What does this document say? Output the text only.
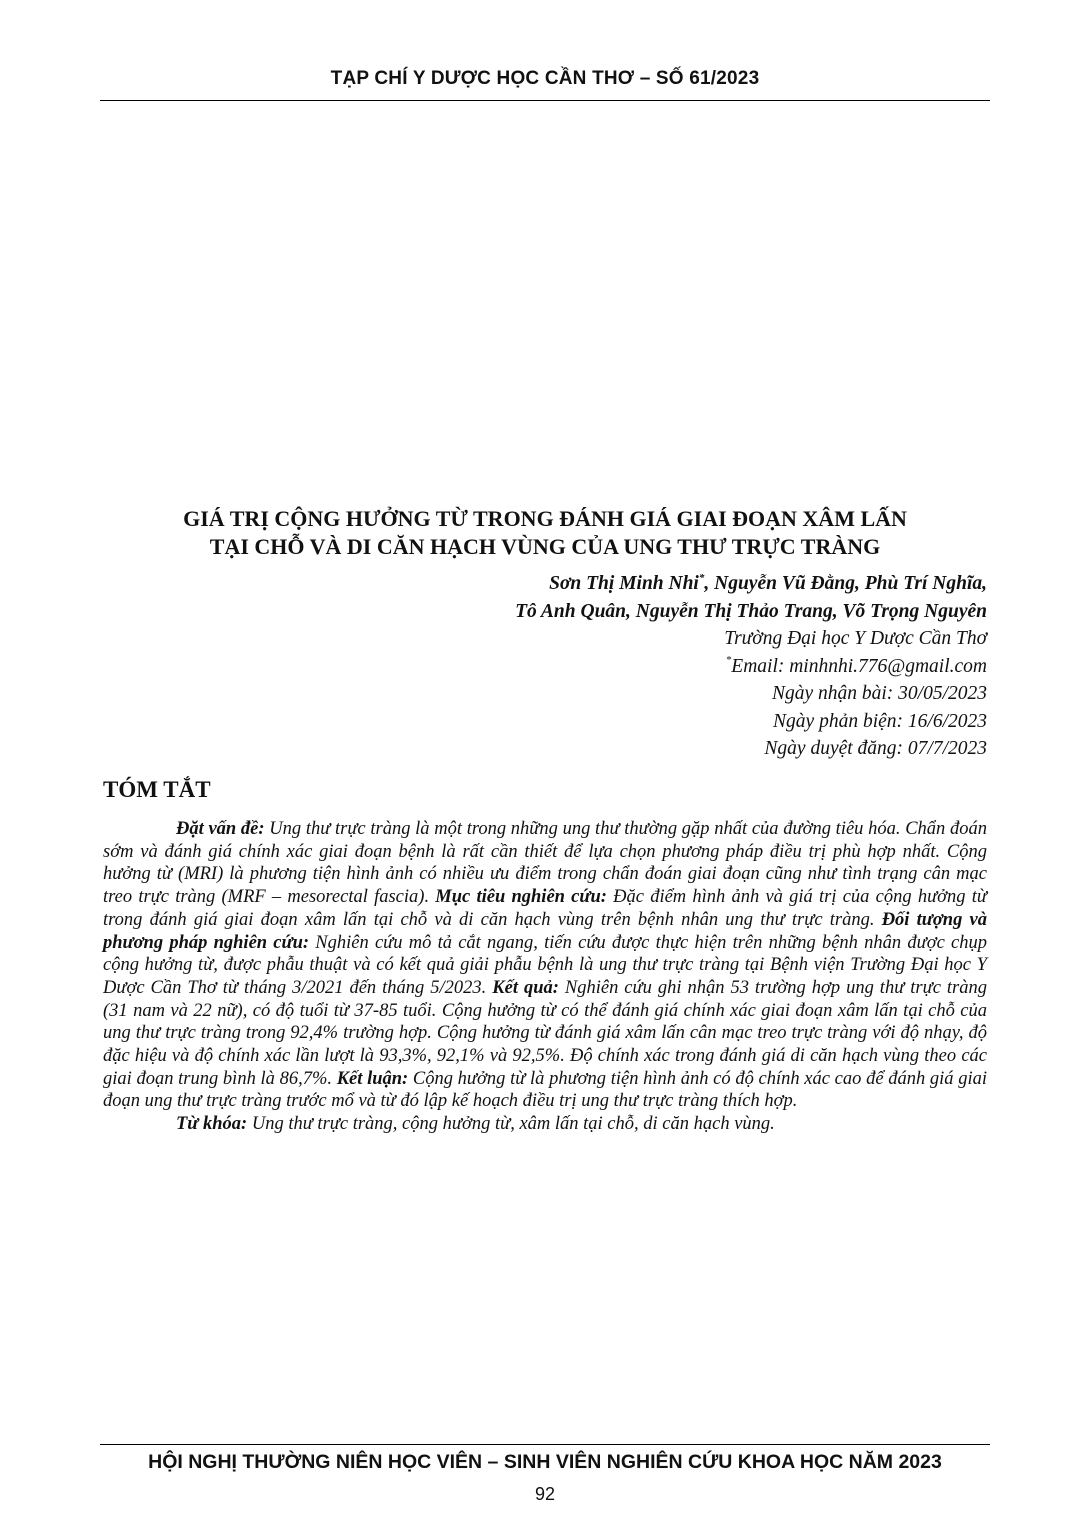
TẠP CHÍ Y DƯỢC HỌC CẦN THƠ – SỐ 61/2023
GIÁ TRỊ CỘNG HƯỞNG TỪ TRONG ĐÁNH GIÁ GIAI ĐOẠN XÂM LẤN
TẠI CHỖ VÀ DI CĂN HẠCH VÙNG CỦA UNG THƯ TRỰC TRÀNG
Sơn Thị Minh Nhi*, Nguyễn Vũ Đằng, Phù Trí Nghĩa,
Tô Anh Quân, Nguyễn Thị Thảo Trang, Võ Trọng Nguyên
Trường Đại học Y Dược Cần Thơ
*Email: minhnhi.776@gmail.com
Ngày nhận bài: 30/05/2023
Ngày phản biện: 16/6/2023
Ngày duyệt đăng: 07/7/2023
TÓM TẮT

Đặt vấn đề: Ung thư trực tràng là một trong những ung thư thường gặp nhất của đường tiêu hóa. Chẩn đoán sớm và đánh giá chính xác giai đoạn bệnh là rất cần thiết để lựa chọn phương pháp điều trị phù hợp nhất. Cộng hưởng từ (MRI) là phương tiện hình ảnh có nhiều ưu điểm trong chẩn đoán giai đoạn cũng như tình trạng cân mạc treo trực tràng (MRF – mesorectal fascia). Mục tiêu nghiên cứu: Đặc điểm hình ảnh và giá trị của cộng hưởng từ trong đánh giá giai đoạn xâm lấn tại chỗ và di căn hạch vùng trên bệnh nhân ung thư trực tràng. Đối tượng và phương pháp nghiên cứu: Nghiên cứu mô tả cắt ngang, tiến cứu được thực hiện trên những bệnh nhân được chụp cộng hưởng từ, được phẫu thuật và có kết quả giải phẫu bệnh là ung thư trực tràng tại Bệnh viện Trường Đại học Y Dược Cần Thơ từ tháng 3/2021 đến tháng 5/2023. Kết quả: Nghiên cứu ghi nhận 53 trường hợp ung thư trực tràng (31 nam và 22 nữ), có độ tuổi từ 37-85 tuổi. Cộng hưởng từ có thể đánh giá chính xác giai đoạn xâm lấn tại chỗ của ung thư trực tràng trong 92,4% trường hợp. Cộng hưởng từ đánh giá xâm lấn cân mạc treo trực tràng với độ nhạy, độ đặc hiệu và độ chính xác lần lượt là 93,3%, 92,1% và 92,5%. Độ chính xác trong đánh giá di căn hạch vùng theo các giai đoạn trung bình là 86,7%. Kết luận: Cộng hưởng từ là phương tiện hình ảnh có độ chính xác cao để đánh giá giai đoạn ung thư trực tràng trước mổ và từ đó lập kế hoạch điều trị ung thư trực tràng thích hợp.

Từ khóa: Ung thư trực tràng, cộng hưởng từ, xâm lấn tại chỗ, di căn hạch vùng.

HỘI NGHỊ THƯỜNG NIÊN HỌC VIÊN – SINH VIÊN NGHIÊN CỨU KHOA HỌC NĂM 2023
92
